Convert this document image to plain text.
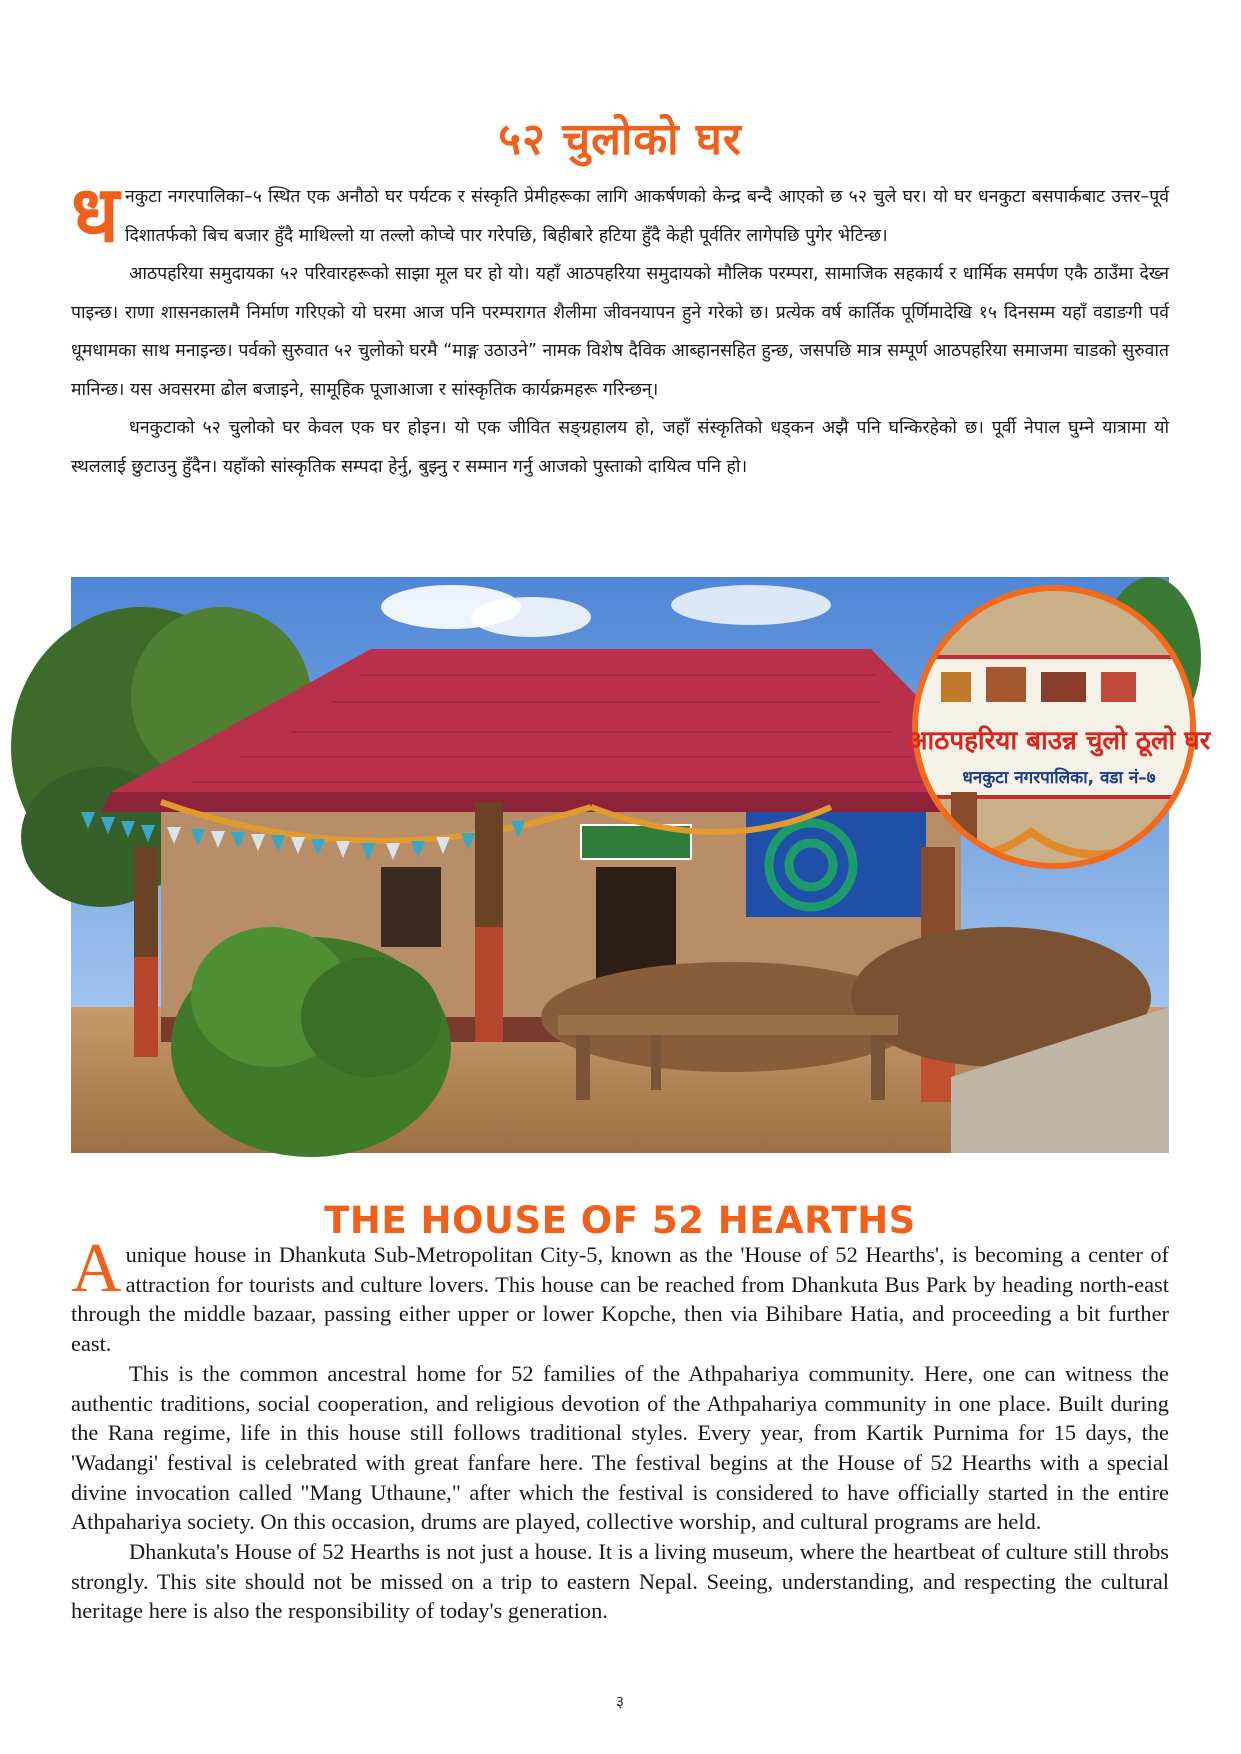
५२ चुलोको घर

धनकुटा नगरपालिका–५ स्थित एक अनौठो घर पर्यटक र संस्कृति प्रेमीहरूका लागि आकर्षणको केन्द्र बन्दै आएको छ ५२ चुले घर। यो घर धनकुटा बसपार्कबाट उत्तर–पूर्व दिशातर्फको बिच बजार हुँदै माथिल्लो या तल्लो कोप्चे पार गरेपछि, बिहीबारे हटिया हुँदै केही पूर्वतिर लागेपछि पुगेर भेटिन्छ।

आठपहरिया समुदायका ५२ परिवारहरूको साझा मूल घर हो यो। यहाँ आठपहरिया समुदायको मौलिक परम्परा, सामाजिक सहकार्य र धार्मिक समर्पण एकै ठाउँमा देख्न पाइन्छ। राणा शासनकालमै निर्माण गरिएको यो घरमा आज पनि परम्परागत शैलीमा जीवनयापन हुने गरेको छ। प्रत्येक वर्ष कार्तिक पूर्णिमादेखि १५ दिनसम्म यहाँ वडाङगी पर्व धूमधामका साथ मनाइन्छ। पर्वको सुरुवात ५२ चुलोको घरमै “माङ्ग उठाउने” नामक विशेष दैविक आब्हानसहित हुन्छ, जसपछि मात्र सम्पूर्ण आठपहरिया समाजमा चाडको सुरुवात मानिन्छ। यस अवसरमा ढोल बजाइने, सामूहिक पूजाआजा र सांस्कृतिक कार्यक्रमहरू गरिन्छन्।

धनकुटाको ५२ चुलोको घर केवल एक घर होइन। यो एक जीवित सङ्ग्रहालय हो, जहाँ संस्कृतिको धड्कन अझै पनि घन्किरहेको छ। पूर्वी नेपाल घुम्ने यात्रामा यो स्थललाई छुटाउनु हुँदैन। यहाँको सांस्कृतिक सम्पदा हेर्नु, बुझ्नु र सम्मान गर्नु आजको पुस्ताको दायित्व पनि हो।

आठपहरिया बाउन्न चुलो ठूलो घर
धनकुटा नगरपालिका, वडा नं–७
THE HOUSE OF 52 HEARTHS

Aunique house in Dhankuta Sub-Metropolitan City-5, known as the 'House of 52 Hearths', is becoming a center of attraction for tourists and culture lovers. This house can be reached from Dhankuta Bus Park by heading north-east through the middle bazaar, passing either upper or lower Kopche, then via Bihibare Hatia, and proceeding a bit further east.

This is the common ancestral home for 52 families of the Athpahariya community. Here, one can witness the authentic traditions, social cooperation, and religious devotion of the Athpahariya community in one place. Built during the Rana regime, life in this house still follows traditional styles. Every year, from Kartik Purnima for 15 days, the 'Wadangi' festival is celebrated with great fanfare here. The festival begins at the House of 52 Hearths with a special divine invocation called "Mang Uthaune," after which the festival is considered to have officially started in the entire Athpahariya society. On this occasion, drums are played, collective worship, and cultural programs are held.

Dhankuta's House of 52 Hearths is not just a house. It is a living museum, where the heartbeat of culture still throbs strongly. This site should not be missed on a trip to eastern Nepal. Seeing, understanding, and respecting the cultural heritage here is also the responsibility of today's generation.

३
